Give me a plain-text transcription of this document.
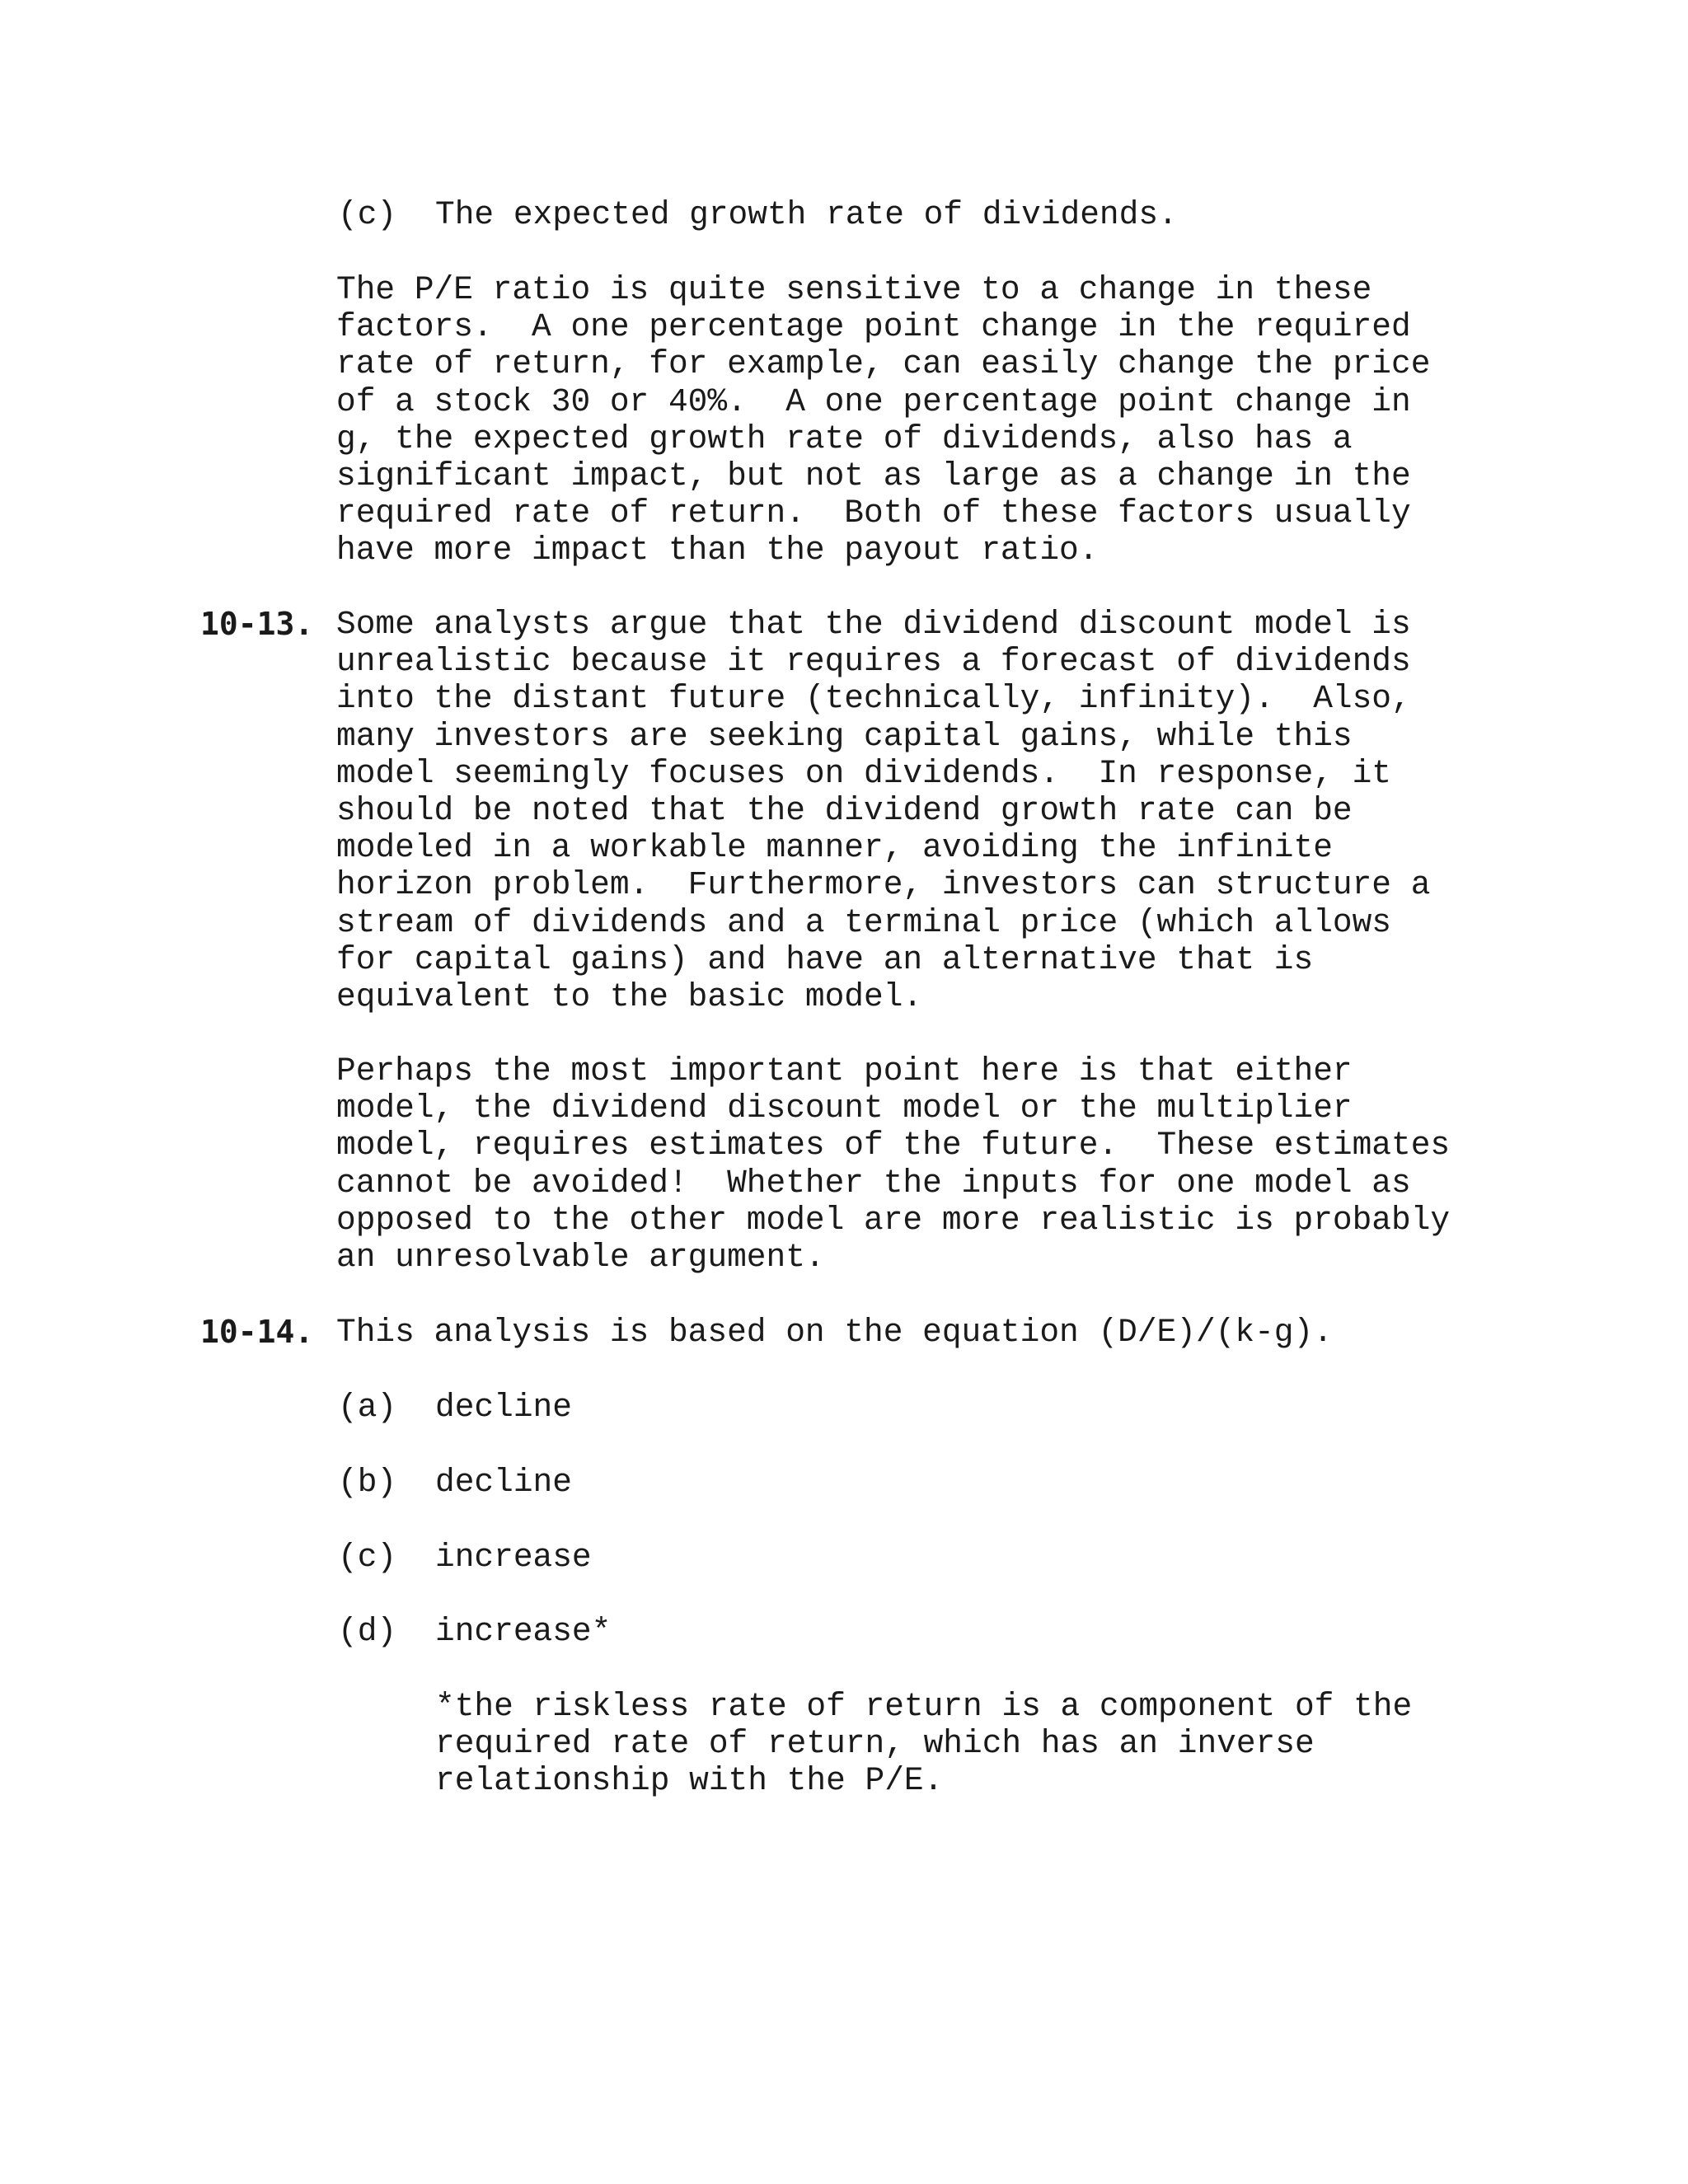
(c) The expected growth rate of dividends.

The P/E ratio is quite sensitive to a change in these
factors.  A one percentage point change in the required
rate of return, for example, can easily change the price
of a stock 30 or 40%.  A one percentage point change in
g, the expected growth rate of dividends, also has a
significant impact, but not as large as a change in the
required rate of return.  Both of these factors usually
have more impact than the payout ratio.

10-13. Some analysts argue that the dividend discount model is
unrealistic because it requires a forecast of dividends
into the distant future (technically, infinity).  Also,
many investors are seeking capital gains, while this
model seemingly focuses on dividends.  In response, it
should be noted that the dividend growth rate can be
modeled in a workable manner, avoiding the infinite
horizon problem.  Furthermore, investors can structure a
stream of dividends and a terminal price (which allows
for capital gains) and have an alternative that is
equivalent to the basic model.
Perhaps the most important point here is that either
model, the dividend discount model or the multiplier
model, requires estimates of the future.  These estimates
cannot be avoided!  Whether the inputs for one model as
opposed to the other model are more realistic is probably
an unresolvable argument.

10-14. This analysis is based on the equation (D/E)/(k-g).

(a) decline

(b) decline

(c) increase

(d) increase*

*the riskless rate of return is a component of the
required rate of return, which has an inverse
relationship with the P/E.
